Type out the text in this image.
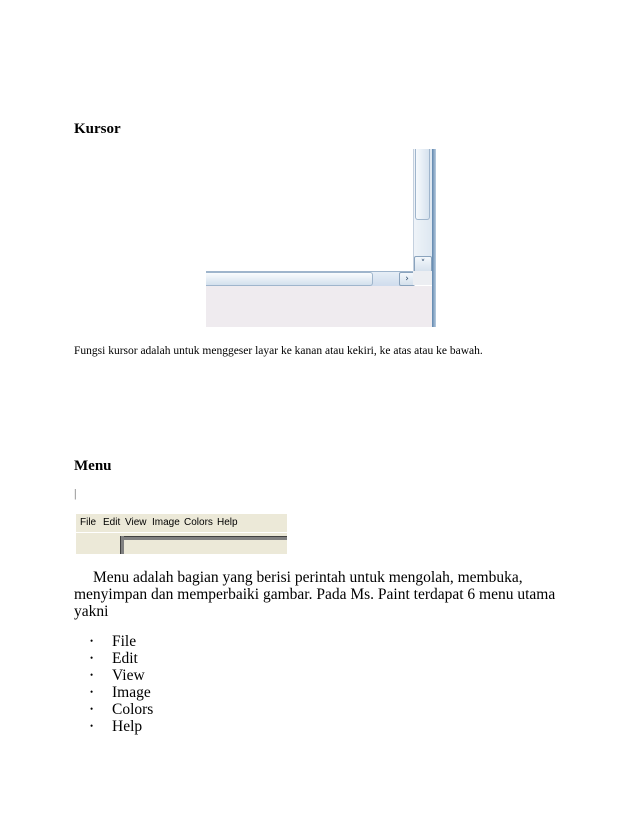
Kursor
˅
›
Fungsi kursor adalah untuk menggeser layar ke kanan atau kekiri, ke atas atau ke bawah.
Menu
|
File Edit View Image Colors Help
Menu adalah bagian yang berisi perintah untuk mengolah, membuka,
menyimpan dan memperbaiki gambar. Pada Ms. Paint terdapat 6 menu utama
yakni
• File
• Edit
• View
• Image
• Colors
• Help
